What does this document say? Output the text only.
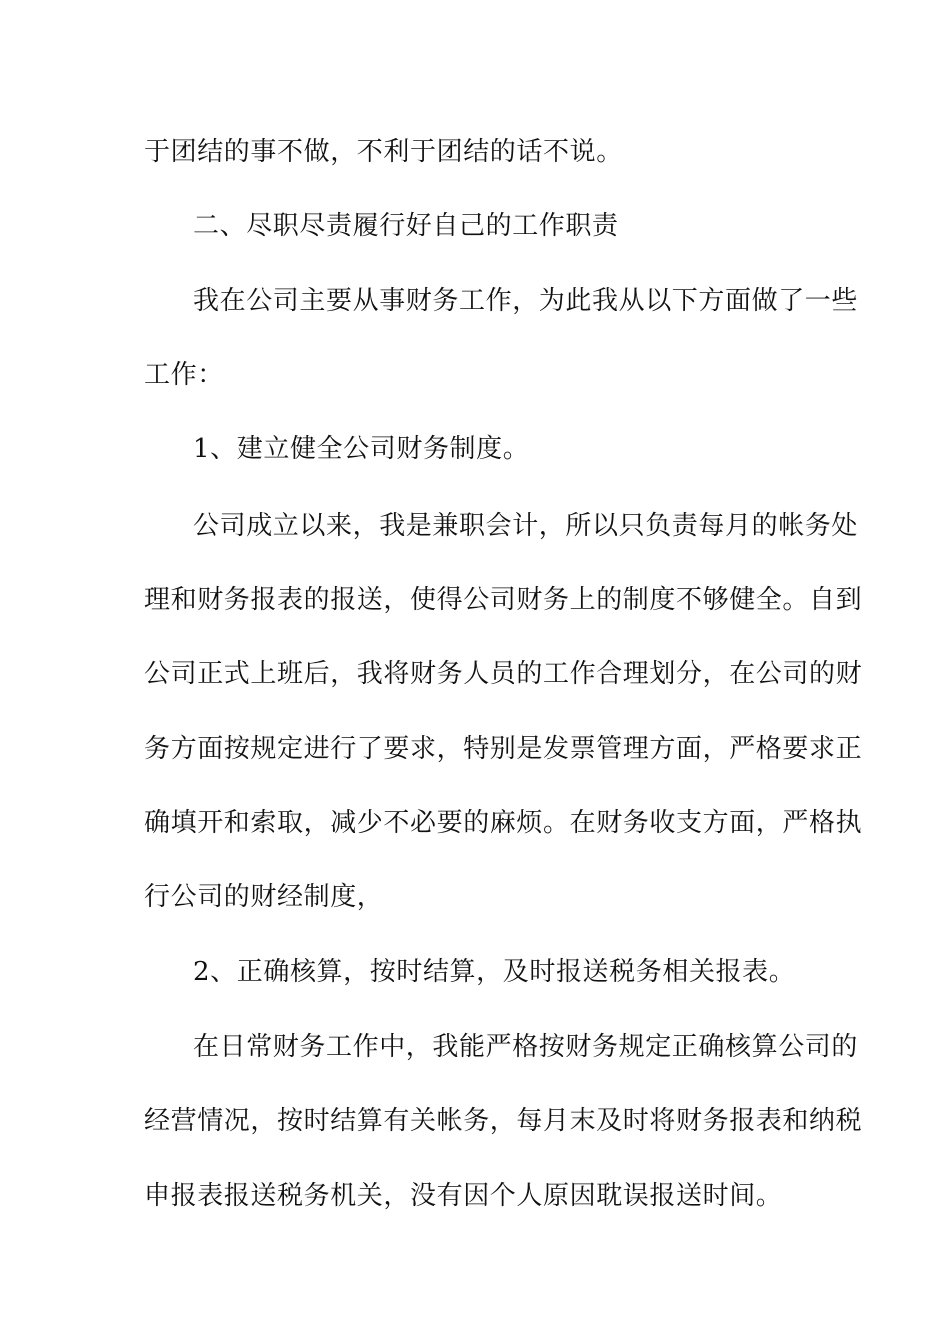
于团结的事不做，不利于团结的话不说。
二、尽职尽责履行好自己的工作职责
我在公司主要从事财务工作，为此我从以下方面做了一些
工作：
1、建立健全公司财务制度。
公司成立以来，我是兼职会计，所以只负责每月的帐务处
理和财务报表的报送，使得公司财务上的制度不够健全。自到
公司正式上班后，我将财务人员的工作合理划分，在公司的财
务方面按规定进行了要求，特别是发票管理方面，严格要求正
确填开和索取，减少不必要的麻烦。在财务收支方面，严格执
行公司的财经制度，
2、正确核算，按时结算，及时报送税务相关报表。
在日常财务工作中，我能严格按财务规定正确核算公司的
经营情况，按时结算有关帐务，每月末及时将财务报表和纳税
申报表报送税务机关，没有因个人原因耽误报送时间。
